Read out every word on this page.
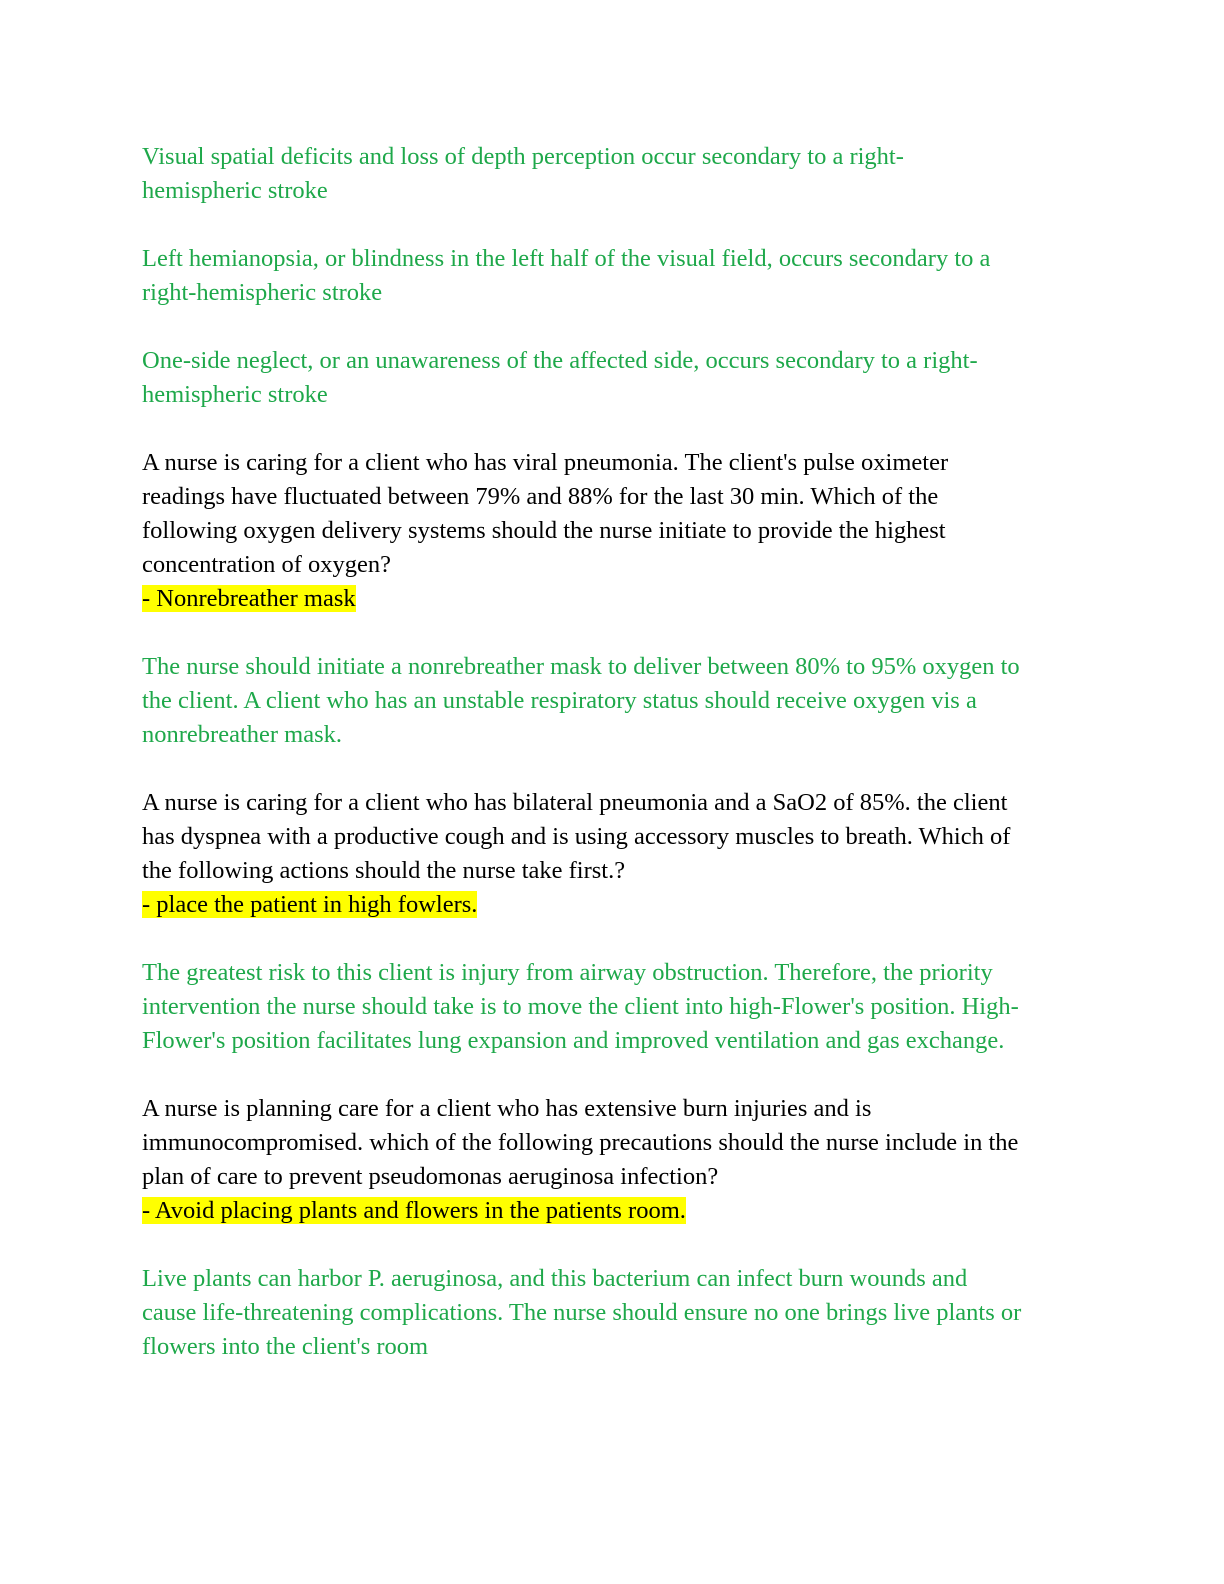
Visual spatial deficits and loss of depth perception occur secondary to a right-
hemispheric stroke
Left hemianopsia, or blindness in the left half of the visual field, occurs secondary to a
right-hemispheric stroke
One-side neglect, or an unawareness of the affected side, occurs secondary to a right-
hemispheric stroke
A nurse is caring for a client who has viral pneumonia. The client's pulse oximeter
readings have fluctuated between 79% and 88% for the last 30 min. Which of the
following oxygen delivery systems should the nurse initiate to provide the highest
concentration of oxygen?
- Nonrebreather mask
The nurse should initiate a nonrebreather mask to deliver between 80% to 95% oxygen to
the client. A client who has an unstable respiratory status should receive oxygen vis a
nonrebreather mask.
A nurse is caring for a client who has bilateral pneumonia and a SaO2 of 85%. the client
has dyspnea with a productive cough and is using accessory muscles to breath. Which of
the following actions should the nurse take first.?
- place the patient in high fowlers.
The greatest risk to this client is injury from airway obstruction. Therefore, the priority
intervention the nurse should take is to move the client into high-Flower's position. High-
Flower's position facilitates lung expansion and improved ventilation and gas exchange.
A nurse is planning care for a client who has extensive burn injuries and is
immunocompromised. which of the following precautions should the nurse include in the
plan of care to prevent pseudomonas aeruginosa infection?
- Avoid placing plants and flowers in the patients room.
Live plants can harbor P. aeruginosa, and this bacterium can infect burn wounds and
cause life-threatening complications. The nurse should ensure no one brings live plants or
flowers into the client's room
